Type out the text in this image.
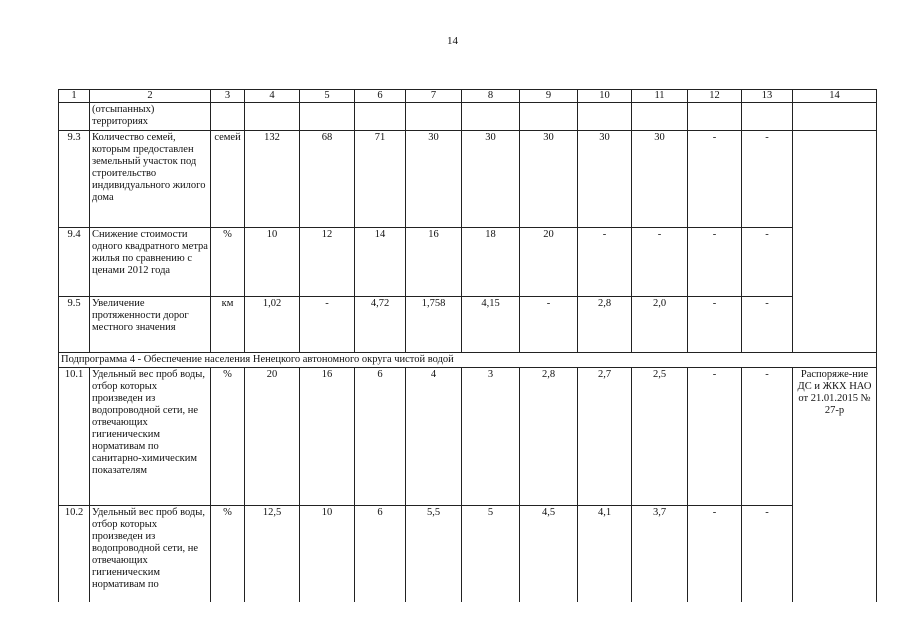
14
1	2	3	4	5	6	7	8	9	10	11	12	13	14
	(отсыпанных) территориях												
9.3	Количество семей, которым предоставлен земельный участок под строительство индивидуального жилого дома	семей	132	68	71	30	30	30	30	30	-	-	
9.4	Снижение стоимости одного квадратного метра жилья по сравнению с ценами 2012 года	%	10	12	14	16	18	20	-	-	-	-	
9.5	Увеличение протяженности дорог местного значения	км	1,02	-	4,72	1,758	4,15	-	2,8	2,0	-	-	
Подпрограмма 4 - Обеспечение населения Ненецкого автономного округа чистой водой													
10.1	Удельный вес проб воды, отбор которых произведен из водопроводной сети, не отвечающих гигиеническим нормативам по санитарно-химическим показателям	%	20	16	6	4	3	2,8	2,7	2,5	-	-	Распоряже-ние ДС и ЖКХ НАО от 21.01.2015 № 27-р
10.2	Удельный вес проб воды, отбор которых произведен из водопроводной сети, не отвечающих гигиеническим нормативам по	%	12,5	10	6	5,5	5	4,5	4,1	3,7	-	-	
